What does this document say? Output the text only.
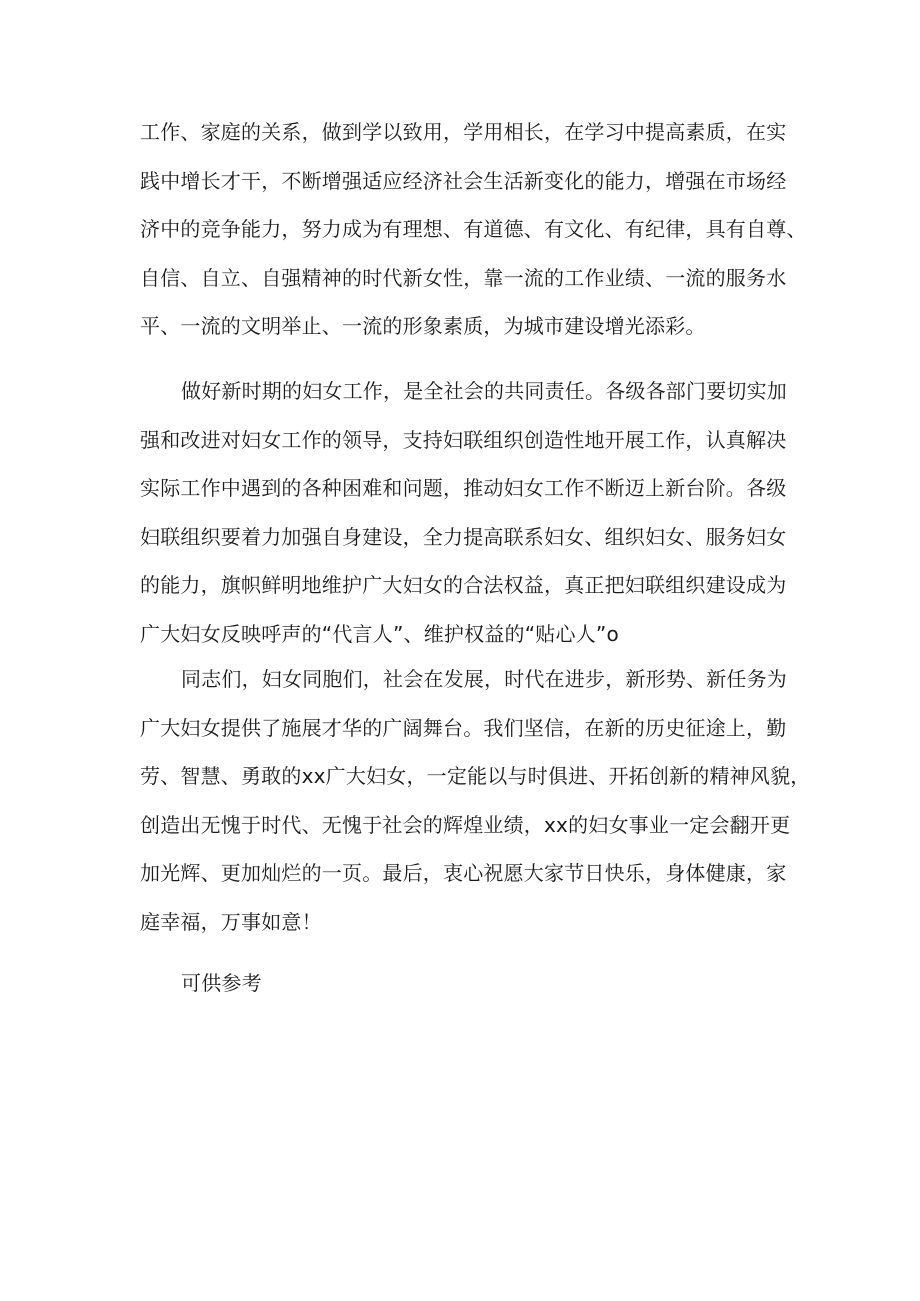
工作、家庭的关系，做到学以致用，学用相长，在学习中提高素质，在实
践中增长才干，不断增强适应经济社会生活新变化的能力，增强在市场经
济中的竞争能力，努力成为有理想、有道德、有文化、有纪律，具有自尊、
自信、自立、自强精神的时代新女性，靠一流的工作业绩、一流的服务水
平、一流的文明举止、一流的形象素质，为城市建设增光添彩。
做好新时期的妇女工作，是全社会的共同责任。各级各部门要切实加
强和改进对妇女工作的领导，支持妇联组织创造性地开展工作，认真解决
实际工作中遇到的各种困难和问题，推动妇女工作不断迈上新台阶。各级
妇联组织要着力加强自身建设，全力提高联系妇女、组织妇女、服务妇女
的能力，旗帜鲜明地维护广大妇女的合法权益，真正把妇联组织建设成为
广大妇女反映呼声的“代言人”、维护权益的“贴心人”o
同志们，妇女同胞们，社会在发展，时代在进步，新形势、新任务为
广大妇女提供了施展才华的广阔舞台。我们坚信，在新的历史征途上，勤
劳、智慧、勇敢的xx广大妇女，一定能以与时俱进、开拓创新的精神风貌，
创造出无愧于时代、无愧于社会的辉煌业绩，xx的妇女事业一定会翻开更
加光辉、更加灿烂的一页。最后，衷心祝愿大家节日快乐，身体健康，家
庭幸福，万事如意！
可供参考
